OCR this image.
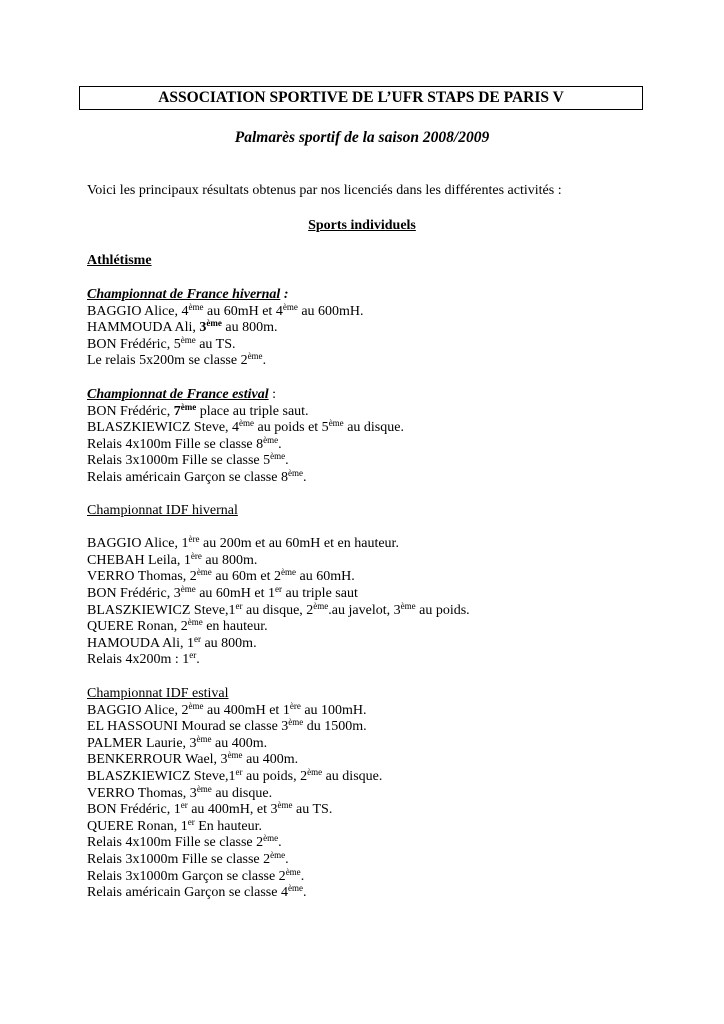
ASSOCIATION SPORTIVE DE L’UFR STAPS DE PARIS V
Palmarès sportif de la saison 2008/2009
Voici les principaux résultats obtenus par nos licenciés dans les différentes activités :
Sports individuels
Athlétisme
Championnat de France hivernal :
BAGGIO Alice, 4ème au 60mH et 4ème au 600mH.
HAMMOUDA Ali, 3ème au 800m.
BON Frédéric, 5ème au TS.
Le relais 5x200m se classe 2ème.
Championnat de France estival :
BON Frédéric, 7ème place au triple saut.
BLASZKIEWICZ Steve, 4ème au poids et 5ème au disque.
Relais 4x100m Fille se classe 8ème.
Relais 3x1000m Fille se classe 5ème.
Relais américain Garçon se classe 8ème.
Championnat IDF hivernal
BAGGIO Alice, 1ère au 200m et au 60mH et en hauteur.
CHEBAH Leila, 1ère au 800m.
VERRO Thomas, 2ème au 60m et 2ème au 60mH.
BON Frédéric, 3ème au 60mH et 1er au triple saut
BLASZKIEWICZ Steve,1er au disque, 2ème.au javelot, 3ème au poids.
QUERE Ronan, 2ème en hauteur.
HAMOUDA Ali, 1er au 800m.
Relais 4x200m : 1er.
Championnat IDF estival
BAGGIO Alice, 2ème au 400mH et 1ère au 100mH.
EL HASSOUNI Mourad se classe 3ème du 1500m.
PALMER Laurie, 3ème au 400m.
BENKERROUR Wael, 3ème au 400m.
BLASZKIEWICZ Steve,1er au poids, 2ème au disque.
VERRO Thomas, 3ème au disque.
BON Frédéric, 1er au 400mH, et 3ème au TS.
QUERE Ronan, 1er En hauteur.
Relais 4x100m Fille se classe 2ème.
Relais 3x1000m Fille se classe 2ème.
Relais 3x1000m Garçon se classe 2ème.
Relais américain Garçon se classe 4ème.
